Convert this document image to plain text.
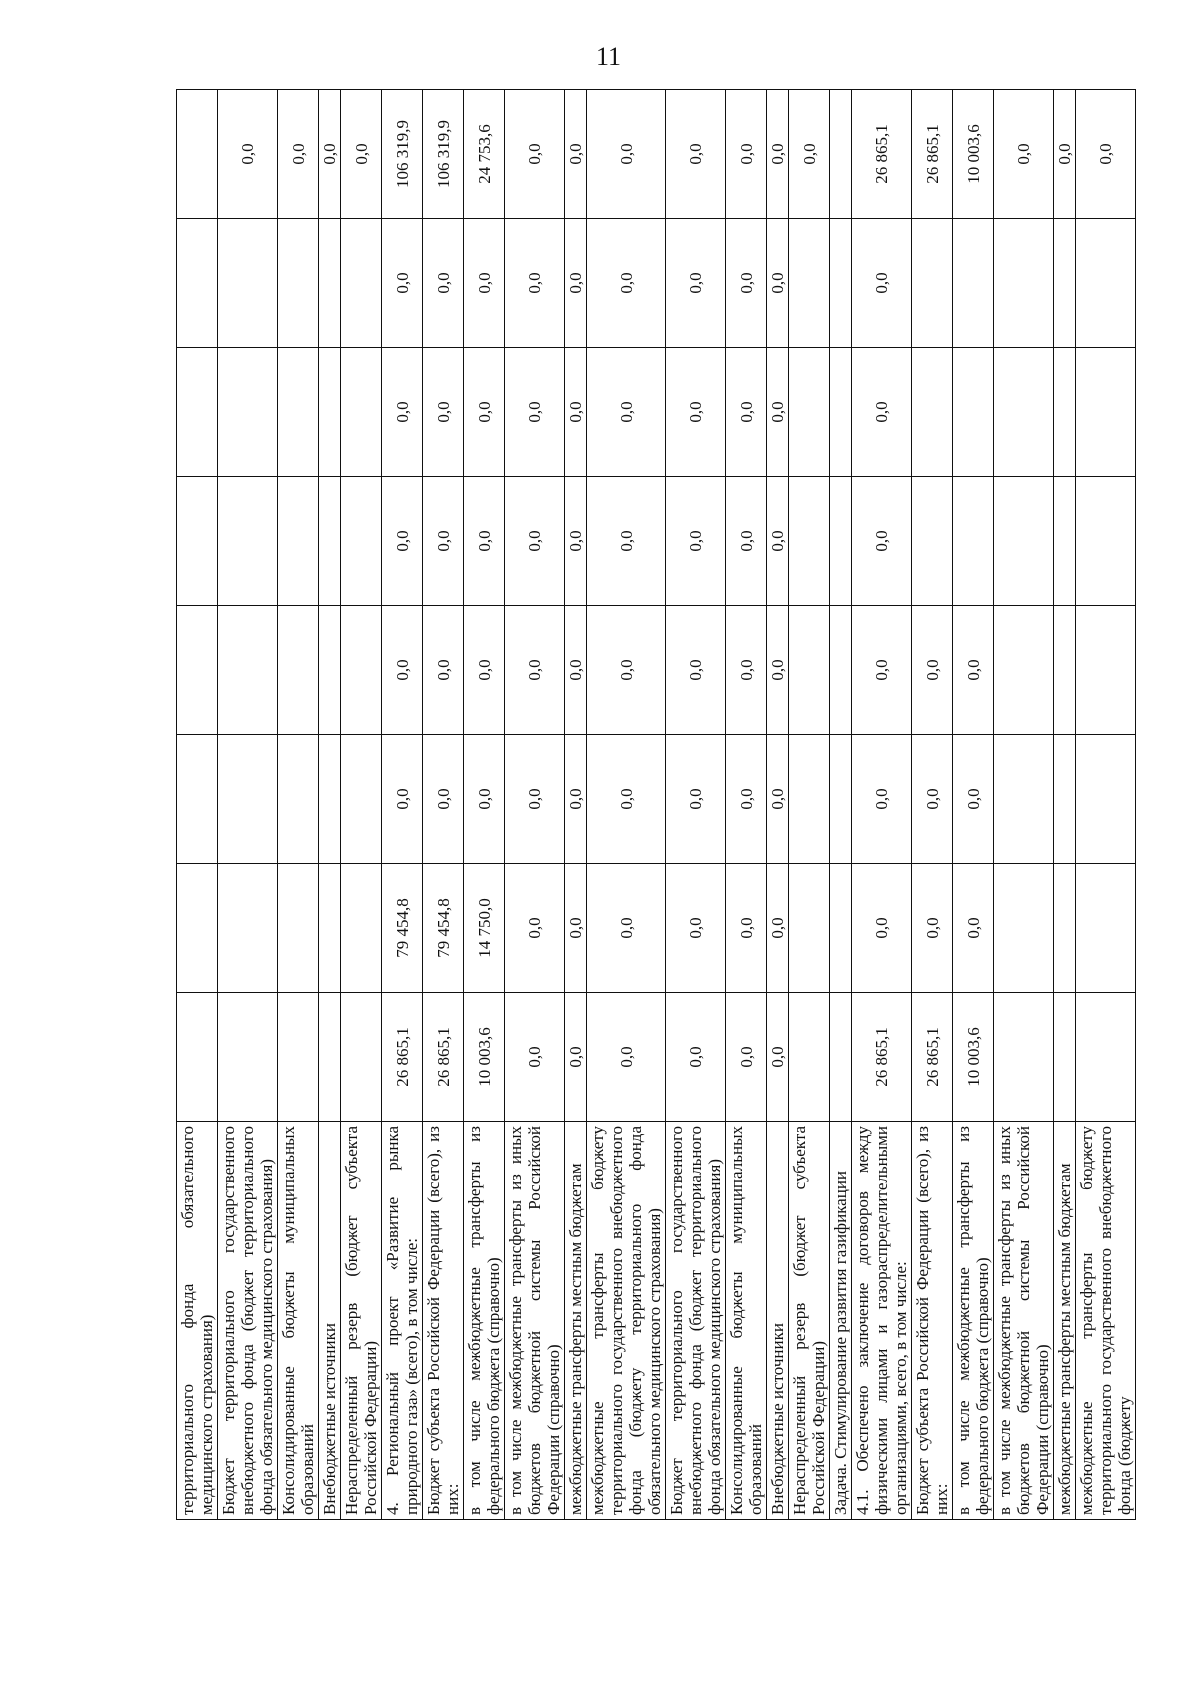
11
территориального фонда обязательного медицинского страхования)								
Бюджет территориального государственного внебюджетного фонда (бюджет территориального фонда обязательного медицинского страхования)								0,0
Консолидированные бюджеты муниципальных образований								0,0
Внебюджетные источники								0,0
Нераспределенный резерв (бюджет субъекта Российской Федерации)								0,0
4. Региональный проект «Развитие рынка природного газа» (всего), в том числе:	26 865,1	79 454,8	0,0	0,0	0,0	0,0	0,0	106 319,9
Бюджет субъекта Российской Федерации (всего), из них:	26 865,1	79 454,8	0,0	0,0	0,0	0,0	0,0	106 319,9
в том числе межбюджетные трансферты из федерального бюджета (справочно)	10 003,6	14 750,0	0,0	0,0	0,0	0,0	0,0	24 753,6
в том числе межбюджетные трансферты из иных бюджетов бюджетной системы Российской Федерации (справочно)	0,0	0,0	0,0	0,0	0,0	0,0	0,0	0,0
межбюджетные трансферты местным бюджетам	0,0	0,0	0,0	0,0	0,0	0,0	0,0	0,0
межбюджетные трансферты бюджету территориального государственного внебюджетного фонда (бюджету территориального фонда обязательного медицинского страхования)	0,0	0,0	0,0	0,0	0,0	0,0	0,0	0,0
Бюджет территориального государственного внебюджетного фонда (бюджет территориального фонда обязательного медицинского страхования)	0,0	0,0	0,0	0,0	0,0	0,0	0,0	0,0
Консолидированные бюджеты муниципальных образований	0,0	0,0	0,0	0,0	0,0	0,0	0,0	0,0
Внебюджетные источники	0,0	0,0	0,0	0,0	0,0	0,0	0,0	0,0
Нераспределенный резерв (бюджет субъекта Российской Федерации)								0,0
Задача. Стимулирование развития газификации								
4.1. Обеспечено заключение договоров между физическими лицами и газораспределительными организациями, всего, в том числе:	26 865,1	0,0	0,0	0,0	0,0	0,0	0,0	26 865,1
Бюджет субъекта Российской Федерации (всего), из них:	26 865,1	0,0	0,0	0,0				26 865,1
в том числе межбюджетные трансферты из федерального бюджета (справочно)	10 003,6	0,0	0,0	0,0				10 003,6
в том числе межбюджетные трансферты из иных бюджетов бюджетной системы Российской Федерации (справочно)								0,0
межбюджетные трансферты местным бюджетам								0,0
межбюджетные трансферты бюджету территориального государственного внебюджетного фонда (бюджету								0,0
